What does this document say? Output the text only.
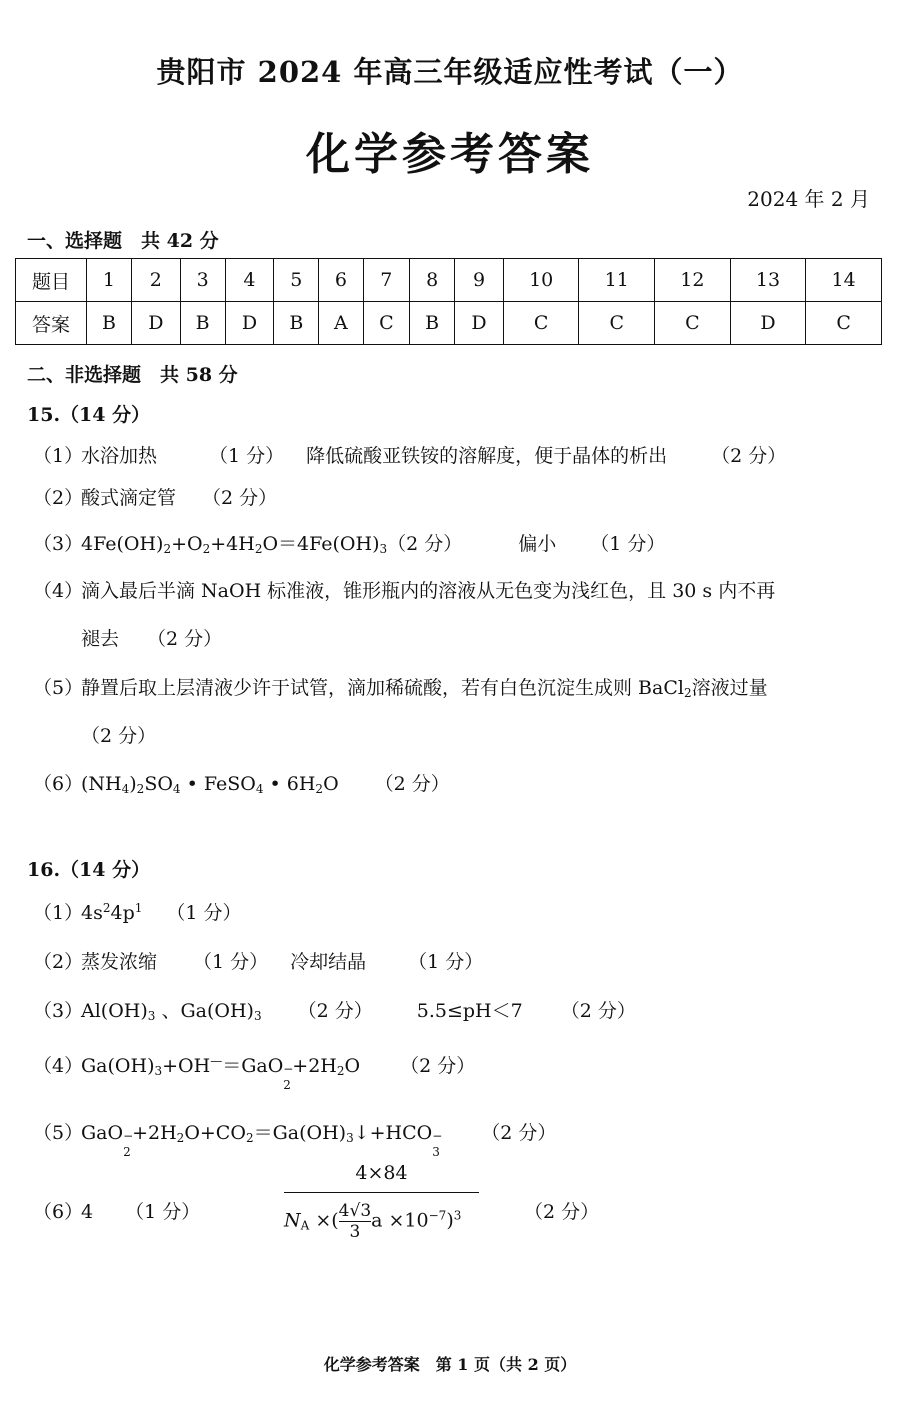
贵阳市 2024 年高三年级适应性考试（一）
化学参考答案
2024 年 2 月
一、选择题　共 42 分
题目	1	2	3	4	5	6	7	8	9	10	11	12	13	14
答案	B	D	B	D	B	A	C	B	D	C	C	C	D	C
二、非选择题　共 58 分
15.（14 分）
（1）水浴加热	（1 分） 降低硫酸亚铁铵的溶解度，便于晶体的析出 （2 分）
（2）酸式滴定管 （2 分）
$(3)4Fe(OH)_2+O_2+4H_2O=4Fe(OH)_3(2$ 分）	偏小 （1 分）
（4）滴入最后半滴 NaOH 标准液，锥形瓶内的溶液从无色变为浅红色，且 30 s 内不再
褪去 （2 分）
（5）静置后取上层清液少许于试管，滴加稀硫酸，若有白色沉淀生成则 BaCl$_2$溶液过量
（2 分）
$(6)(NH_4)_2SO_4$ • FeSO$_4$ • $6H_2O$ （2 分）
16.（14 分）
$(1)4s^24p^1$ （1 分）
（2）蒸发浓缩 （1 分） 冷却结晶 （1 分）
$(3)Al(OH)_3$ 、$Ga(OH)_3$ （2 分） 5.5≤pH＜7 （2 分）
$(4)Ga(OH)_3+OH^—=GaO$ −
2
$+2H_2O$ （2 分）
（5）GaO −
2
$+2H_2O+CO_2=Ga(OH)_3↓+HCO$ −
3
（2 分）
（6）4 （1 分）
4×84
$N_A$ ×( $\frac{4√3}{3}a \times 10^{-7})^3$	（2 分）
化学参考答案　第 1 页（共 2 页）
